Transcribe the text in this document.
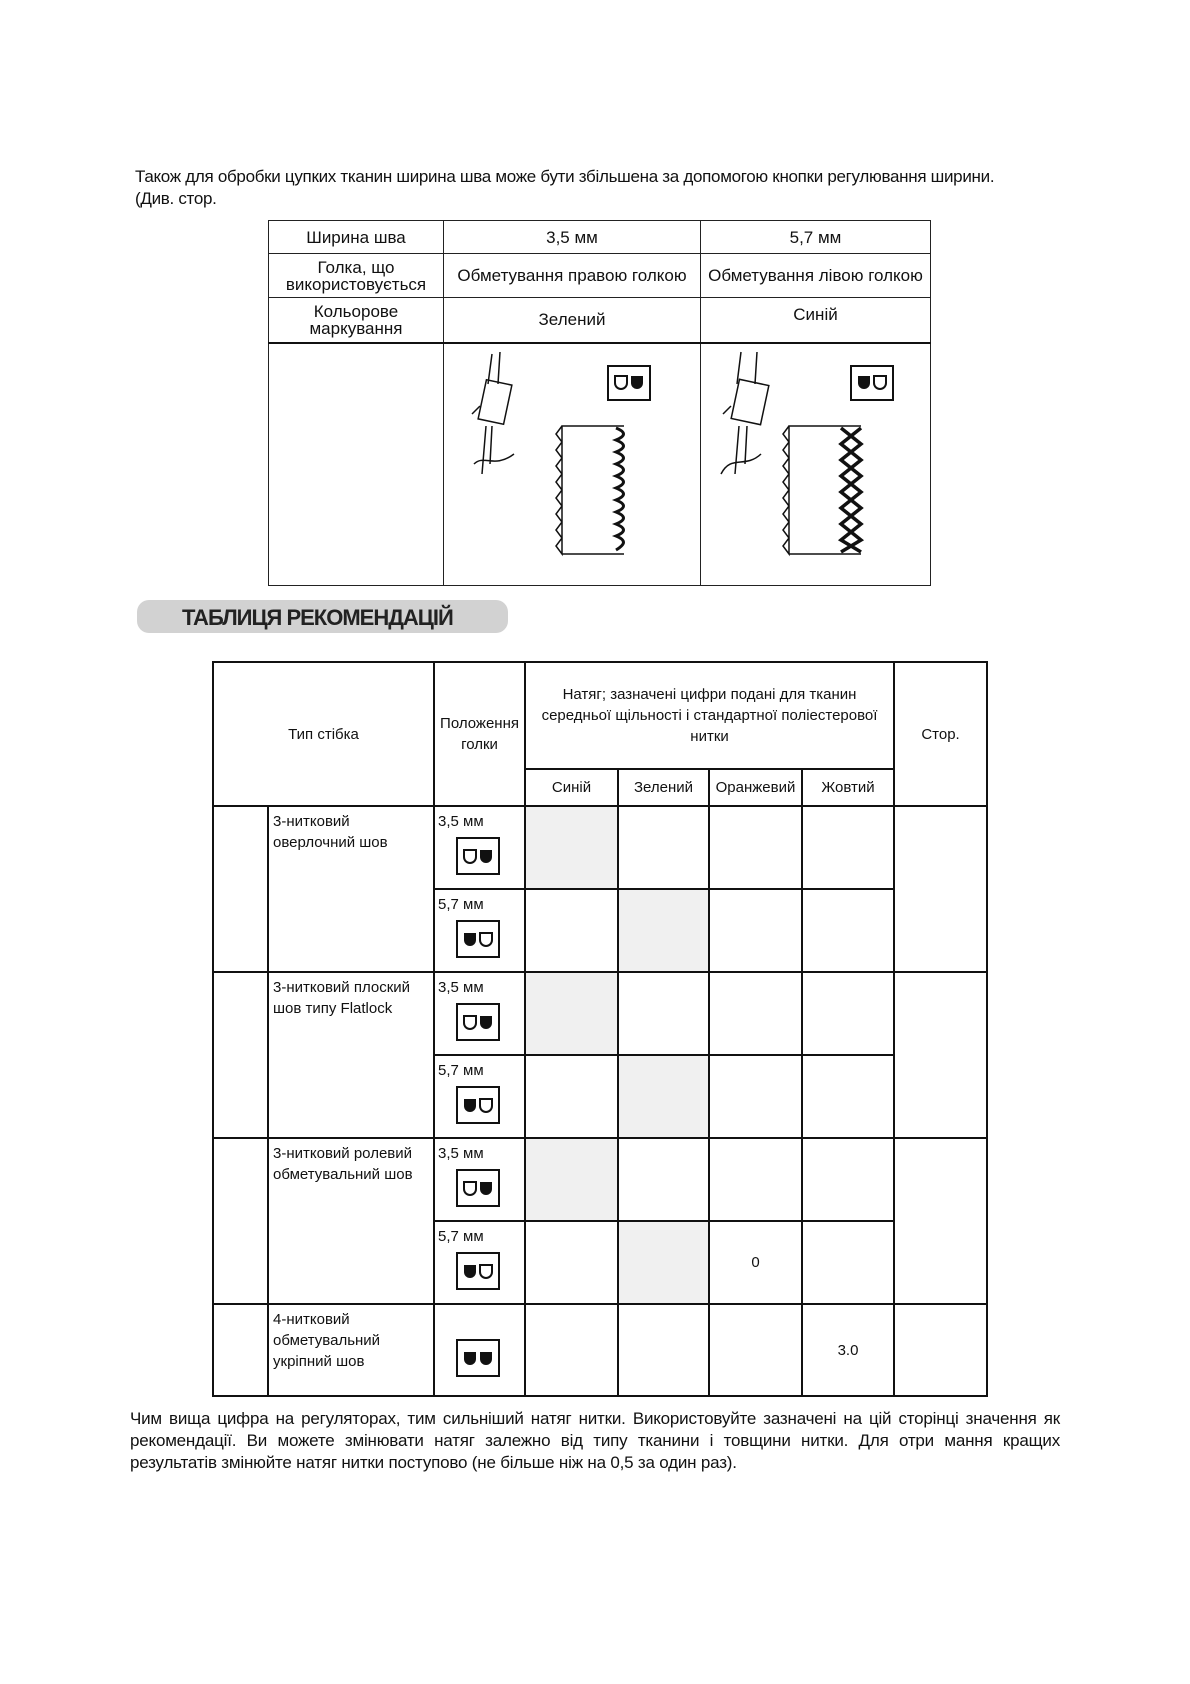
Також для обробки цупких тканин ширина шва може бути збільшена за допомогою кнопки регулювання ширини.
(Див. стор.
Ширина шва	3,5 мм	5,7 мм
Голка, що використовується	Обметування правою голкою	Обметування лівою голкою
Кольорове маркування	Зелений	Синій

ТАБЛИЦЯ РЕКОМЕНДАЦІЙ
Тип стібка		Положення голки	Натяг; зазначені цифри подані для тканин середньої щільності і стандартної поліестерової нитки				Стор.
			Синій	Зелений	Оранжевий	Жовтий	
	3-нитковий оверлочний шов	3,5 мм

		5,7 мм	

	3-нитковий плоский шов типу Flatlock	3,5 мм

		5,7 мм	

	3-нитковий ролевий обметувальний шов	3,5 мм

		5,7 мм			0		
	4-нитковий обметувальний укріпний шов					3.0	
Чим вища цифра на регуляторах, тим сильніший натяг нитки. Використовуйте зазначені на цій сторінці значення як рекомендації. Ви можете змінювати натяг залежно від типу тканини і товщини нитки. Для отри мання кращих результатів змінюйте натяг нитки поступово (не більше ніж на 0,5 за один раз).
